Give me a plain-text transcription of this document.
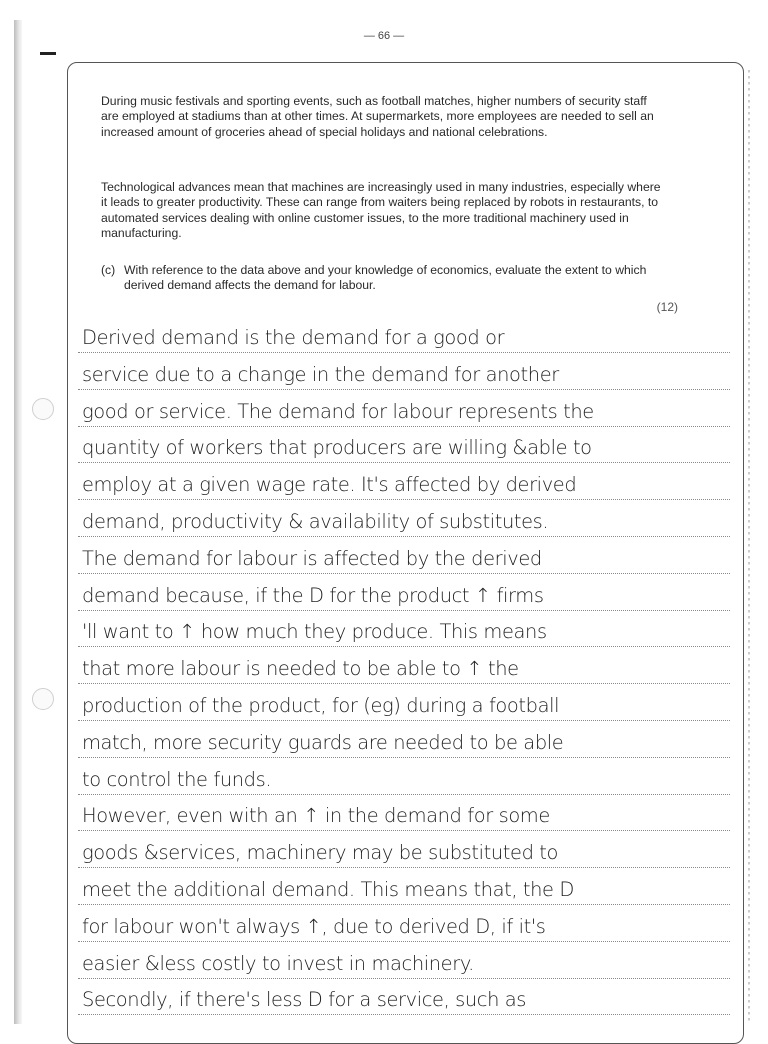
— 66 —
During music festivals and sporting events, such as football matches, higher numbers of security staff are employed at stadiums than at other times. At supermarkets, more employees are needed to sell an increased amount of groceries ahead of special holidays and national celebrations.
Technological advances mean that machines are increasingly used in many industries, especially where it leads to greater productivity. These can range from waiters being replaced by robots in restaurants, to automated services dealing with online customer issues, to the more traditional machinery used in manufacturing.
(c) With reference to the data above and your knowledge of economics, evaluate the extent to which derived demand affects the demand for labour.
(12)
Derived demand is the demand for a good or
service due to a change in the demand for another
good or service. The demand for labour represents the
quantity of workers that producers are willing &able to
employ at a given wage rate. It's affected by derived
demand, productivity & availability of substitutes.
The demand for labour is affected by the derived
demand because, if the D for the product ↑ firms
'll want to ↑ how much they produce. This means
that more labour is needed to be able to ↑ the
production of the product, for (eg) during a football
match, more security guards are needed to be able
to control the funds.
However, even with an ↑ in the demand for some
goods &services, machinery may be substituted to
meet the additional demand. This means that, the D
for labour won't always ↑, due to derived D, if it's
easier &less costly to invest in machinery.
Secondly, if there's less D for a service, such as
